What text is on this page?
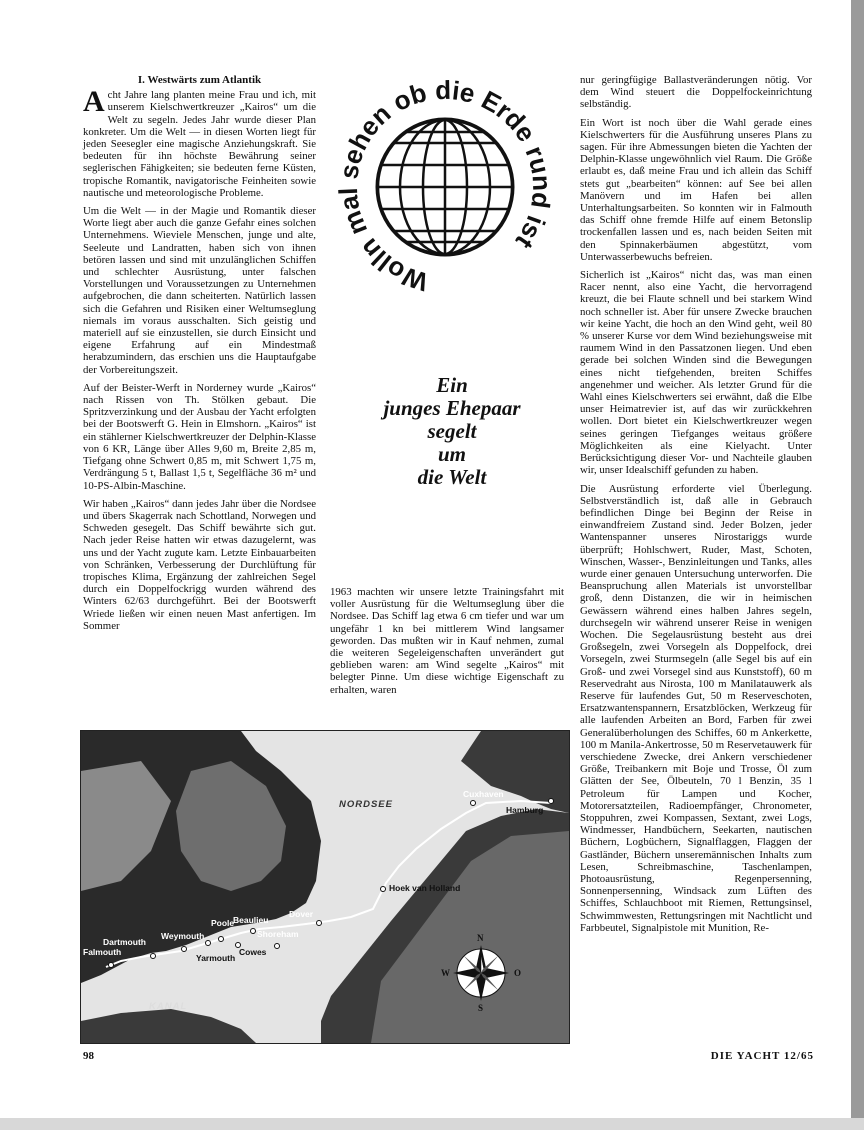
I. Westwärts zum Atlantik

Acht Jahre lang planten meine Frau und ich, mit unserem Kielschwertkreuzer „Kairos“ um die Welt zu segeln. Jedes Jahr wurde dieser Plan konkreter. Um die Welt — in diesen Worten liegt für jeden Seesegler eine magische Anziehungskraft. Sie bedeuten für ihn höchste Bewährung seiner seglerischen Fähigkeiten; sie bedeuten ferne Küsten, tropische Romantik, navigatorische Feinheiten sowie nautische und meteorologische Probleme.

Um die Welt — in der Magie und Romantik dieser Worte liegt aber auch die ganze Gefahr eines solchen Unternehmens. Wieviele Menschen, junge und alte, Seeleute und Landratten, haben sich von ihnen betören lassen und sind mit unzulänglichen Schiffen und schlechter Ausrüstung, unter falschen Vorstellungen und Voraussetzungen zu Unternehmen aufgebrochen, die dann scheiterten. Natürlich lassen sich die Gefahren und Risiken einer Weltumseglung niemals im voraus ausschalten. Sich geistig und materiell auf sie einzustellen, sie durch Einsicht und eigene Erfahrung auf ein Mindestmaß herabzumindern, das erschien uns die Hauptaufgabe der Vorbereitungszeit.

Auf der Beister-Werft in Norderney wurde „Kairos“ nach Rissen von Th. Stölken gebaut. Die Spritzverzinkung und der Ausbau der Yacht erfolgten bei der Bootswerft G. Hein in Elmshorn. „Kairos“ ist ein stählerner Kielschwertkreuzer der Delphin-Klasse von 6 KR, Länge über Alles 9,60 m, Breite 2,85 m, Tiefgang ohne Schwert 0,85 m, mit Schwert 1,75 m, Verdrängung 5 t, Ballast 1,5 t, Segelfläche 36 m² und 10-PS-Albin-Maschine.

Wir haben „Kairos“ dann jedes Jahr über die Nordsee und übers Skagerrak nach Schottland, Norwegen und Schweden gesegelt. Das Schiff bewährte sich gut. Nach jeder Reise hatten wir etwas dazugelernt, was uns und der Yacht zugute kam. Letzte Einbauarbeiten von Schränken, Verbesserung der Durchlüftung für tropisches Klima, Ergänzung der zahlreichen Segel durch ein Doppelfockrigg wurden während des Winters 62/63 durchgeführt. Bei der Bootswerft Wriede ließen wir einen neuen Mast anfertigen. Im Sommer

Wolln mal sehen ob die Erde rund ist
Ein
junges Ehepaar
segelt
um
die Welt

1963 machten wir unsere letzte Trainingsfahrt mit voller Ausrüstung für die Weltumseglung über die Nordsee. Das Schiff lag etwa 6 cm tiefer und war um ungefähr 1 kn bei mittlerem Wind langsamer geworden. Das mußten wir in Kauf nehmen, zumal die weiteren Segeleigenschaften unverändert gut geblieben waren: am Wind segelte „Kairos“ mit belegter Pinne. Um diese wichtige Eigenschaft zu erhalten, waren

nur geringfügige Ballastveränderungen nötig. Vor dem Wind steuert die Doppelfockeinrichtung selbständig.

Ein Wort ist noch über die Wahl gerade eines Kielschwerters für die Ausführung unseres Plans zu sagen. Für ihre Abmessungen bieten die Yachten der Delphin-Klasse ungewöhnlich viel Raum. Die Größe erlaubt es, daß meine Frau und ich allein das Schiff stets gut „bearbeiten“ können: auf See bei allen Manövern und im Hafen bei allen Unterhaltungsarbeiten. So konnten wir in Falmouth das Schiff ohne fremde Hilfe auf einem Betonslip trockenfallen lassen und es, nach beiden Seiten mit den Spinnakerbäumen abgestützt, vom Unterwasserbewuchs befreien.

Sicherlich ist „Kairos“ nicht das, was man einen Racer nennt, also eine Yacht, die hervorragend kreuzt, die bei Flaute schnell und bei starkem Wind noch schneller ist. Aber für unsere Zwecke brauchen wir keine Yacht, die hoch an den Wind geht, weil 80 % unserer Kurse vor dem Wind beziehungsweise mit raumem Wind in den Passatzonen liegen. Und eben gerade bei solchen Winden sind die Bewegungen eines nicht tiefgehenden, breiten Schiffes angenehmer und weicher. Als letzter Grund für die Wahl eines Kielschwerters sei erwähnt, daß die Elbe unser Heimatrevier ist, auf das wir zurückkehren wollen. Dort bietet ein Kielschwertkreuzer wegen seines geringen Tiefganges weitaus größere Möglichkeiten als eine Kielyacht. Unter Berücksichtigung dieser Vor- und Nachteile glauben wir, unser Idealschiff gefunden zu haben.

Die Ausrüstung erforderte viel Überlegung. Selbstverständlich ist, daß alle in Gebrauch befindlichen Dinge bei Beginn der Reise in einwandfreiem Zustand sind. Jeder Bolzen, jeder Wantenspanner unseres Nirostariggs wurde überprüft; Hohlschwert, Ruder, Mast, Schoten, Winschen, Wasser-, Benzinleitungen und Tanks, alles wurde einer genauen Untersuchung unterworfen. Die Beanspruchung allen Materials ist unvorstellbar groß, denn Distanzen, die wir in heimischen Gewässern während eines halben Jahres segeln, durchsegeln wir während unserer Reise in wenigen Wochen. Die Segelausrüstung besteht aus drei Großsegeln, zwei Vorsegeln als Doppelfock, drei Vorsegeln, zwei Sturmsegeln (alle Segel bis auf ein Groß- und zwei Vorsegel sind aus Kunststoff), 60 m Reservedraht aus Nirosta, 100 m Manilatauwerk als Reserve für laufendes Gut, 50 m Reserveschoten, Ersatzwantenspannern, Ersatzblöcken, Werkzeug für alle laufenden Arbeiten an Bord, Farben für zwei Generalüberholungen des Schiffes, 60 m Ankerkette, 100 m Manila-Ankertrosse, 50 m Reservetauwerk für verschiedene Zwecke, drei Ankern verschiedener Größe, Treibankern mit Boje und Trosse, Öl zum Glätten der See, Ölbeuteln, 70 l Benzin, 35 l Petroleum für Lampen und Kocher, Motorersatzteilen, Radioempfänger, Chronometer, Stoppuhren, zwei Kompassen, Sextant, zwei Logs, Windmesser, Handbüchern, Seekarten, nautischen Büchern, Logbüchern, Signalflaggen, Flaggen der Gastländer, Büchern unseremännischen Inhalts zum Lesen, Schreibmaschine, Taschenlampen, Photoausrüstung, Regenpersenning, Sonnenpersenning, Windsack zum Lüften des Schiffes, Schlauchboot mit Riemen, Rettungsinsel, Schwimmwesten, Rettungsringen mit Nachtlicht und Farbbeutel, Signalpistole mit Munition, Re-

NORDSEE
KANAL
Cuxhaven
Hamburg
Hoek van Holland
Dover
Poole
Beaulieu
Shoreham
Weymouth
Dartmouth
Falmouth
Yarmouth
Cowes
N
S
W	O
98	DIE YACHT 12/65
